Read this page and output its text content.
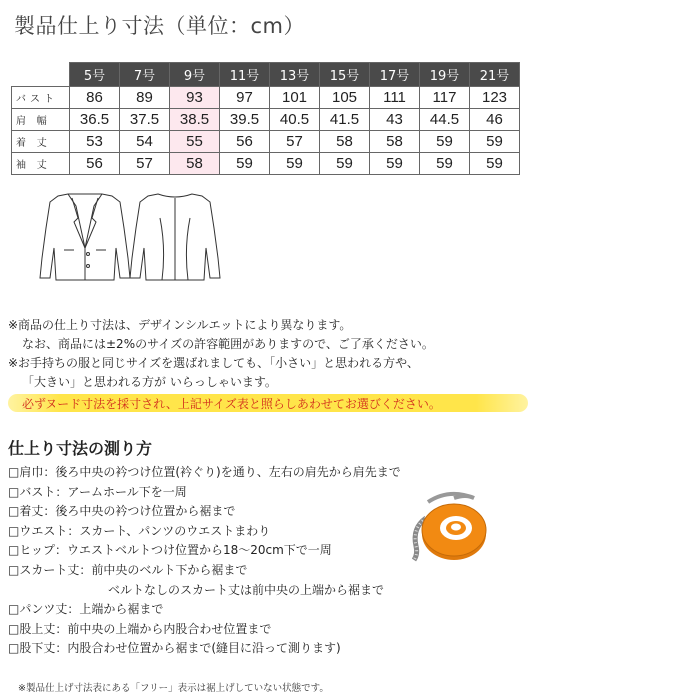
製品仕上り寸法（単位：cm）
	5号	7号	9号	11号	13号	15号	17号	19号	21号
バスト	86	89	93	97	101	105	111	117	123
肩 幅	36.5	37.5	38.5	39.5	40.5	41.5	43	44.5	46
着 丈	53	54	55	56	57	58	58	59	59
袖 丈	56	57	58	59	59	59	59	59	59
※商品の仕上り寸法は、デザインシルエットにより異なります。
なお、商品には±2%のサイズの許容範囲がありますので、ご了承ください。
※お手持ちの服と同じサイズを選ばれましても、「小さい」と思われる方や、
「大きい」と思われる方が いらっしゃいます。
必ずヌード寸法を採寸され、上記サイズ表と照らしあわせてお選びください。
仕上り寸法の測り方
□肩巾：後ろ中央の衿つけ位置(衿ぐり)を通り、左右の肩先から肩先まで
□バスト：アームホール下を一周
□着丈：後ろ中央の衿つけ位置から裾まで
□ウエスト：スカート、パンツのウエストまわり
□ヒップ：ウエストベルトつけ位置から18〜20cm下で一周
□スカート丈：前中央のベルト下から裾まで
ベルトなしのスカート丈は前中央の上端から裾まで
□パンツ丈：上端から裾まで
□股上丈：前中央の上端から内股合わせ位置まで
□股下丈：内股合わせ位置から裾まで(縫目に沿って測ります)
※製品仕上げ寸法表にある「フリー」表示は裾上げしていない状態です。
